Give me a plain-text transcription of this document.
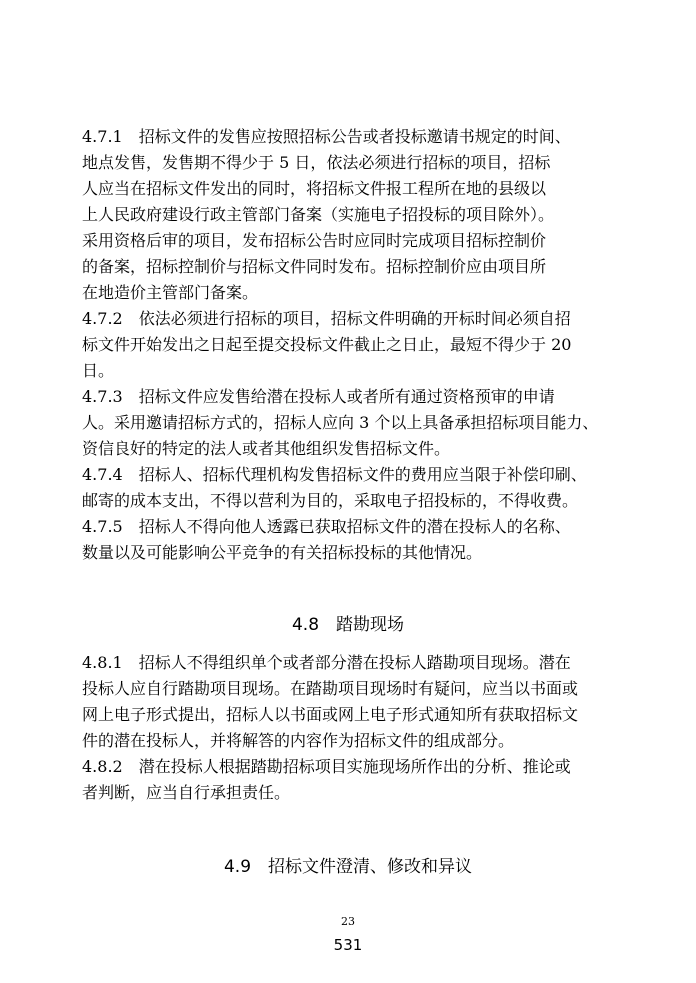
4.7.1　招标文件的发售应按照招标公告或者投标邀请书规定的时间、
地点发售，发售期不得少于 5 日，依法必须进行招标的项目，招标
人应当在招标文件发出的同时，将招标文件报工程所在地的县级以
上人民政府建设行政主管部门备案（实施电子招投标的项目除外）。
采用资格后审的项目，发布招标公告时应同时完成项目招标控制价
的备案，招标控制价与招标文件同时发布。招标控制价应由项目所
在地造价主管部门备案。
4.7.2　依法必须进行招标的项目，招标文件明确的开标时间必须自招
标文件开始发出之日起至提交投标文件截止之日止，最短不得少于 20
日。
4.7.3　招标文件应发售给潜在投标人或者所有通过资格预审的申请
人。采用邀请招标方式的，招标人应向 3 个以上具备承担招标项目能力、
资信良好的特定的法人或者其他组织发售招标文件。
4.7.4　招标人、招标代理机构发售招标文件的费用应当限于补偿印刷、
邮寄的成本支出，不得以营利为目的，采取电子招投标的，不得收费。
4.7.5　招标人不得向他人透露已获取招标文件的潜在投标人的名称、
数量以及可能影响公平竞争的有关招标投标的其他情况。
4.8　踏勘现场
4.8.1　招标人不得组织单个或者部分潜在投标人踏勘项目现场。潜在
投标人应自行踏勘项目现场。在踏勘项目现场时有疑问，应当以书面或
网上电子形式提出，招标人以书面或网上电子形式通知所有获取招标文
件的潜在投标人，并将解答的内容作为招标文件的组成部分。
4.8.2　潜在投标人根据踏勘招标项目实施现场所作出的分析、推论或
者判断，应当自行承担责任。
4.9　招标文件澄清、修改和异议
23
531
